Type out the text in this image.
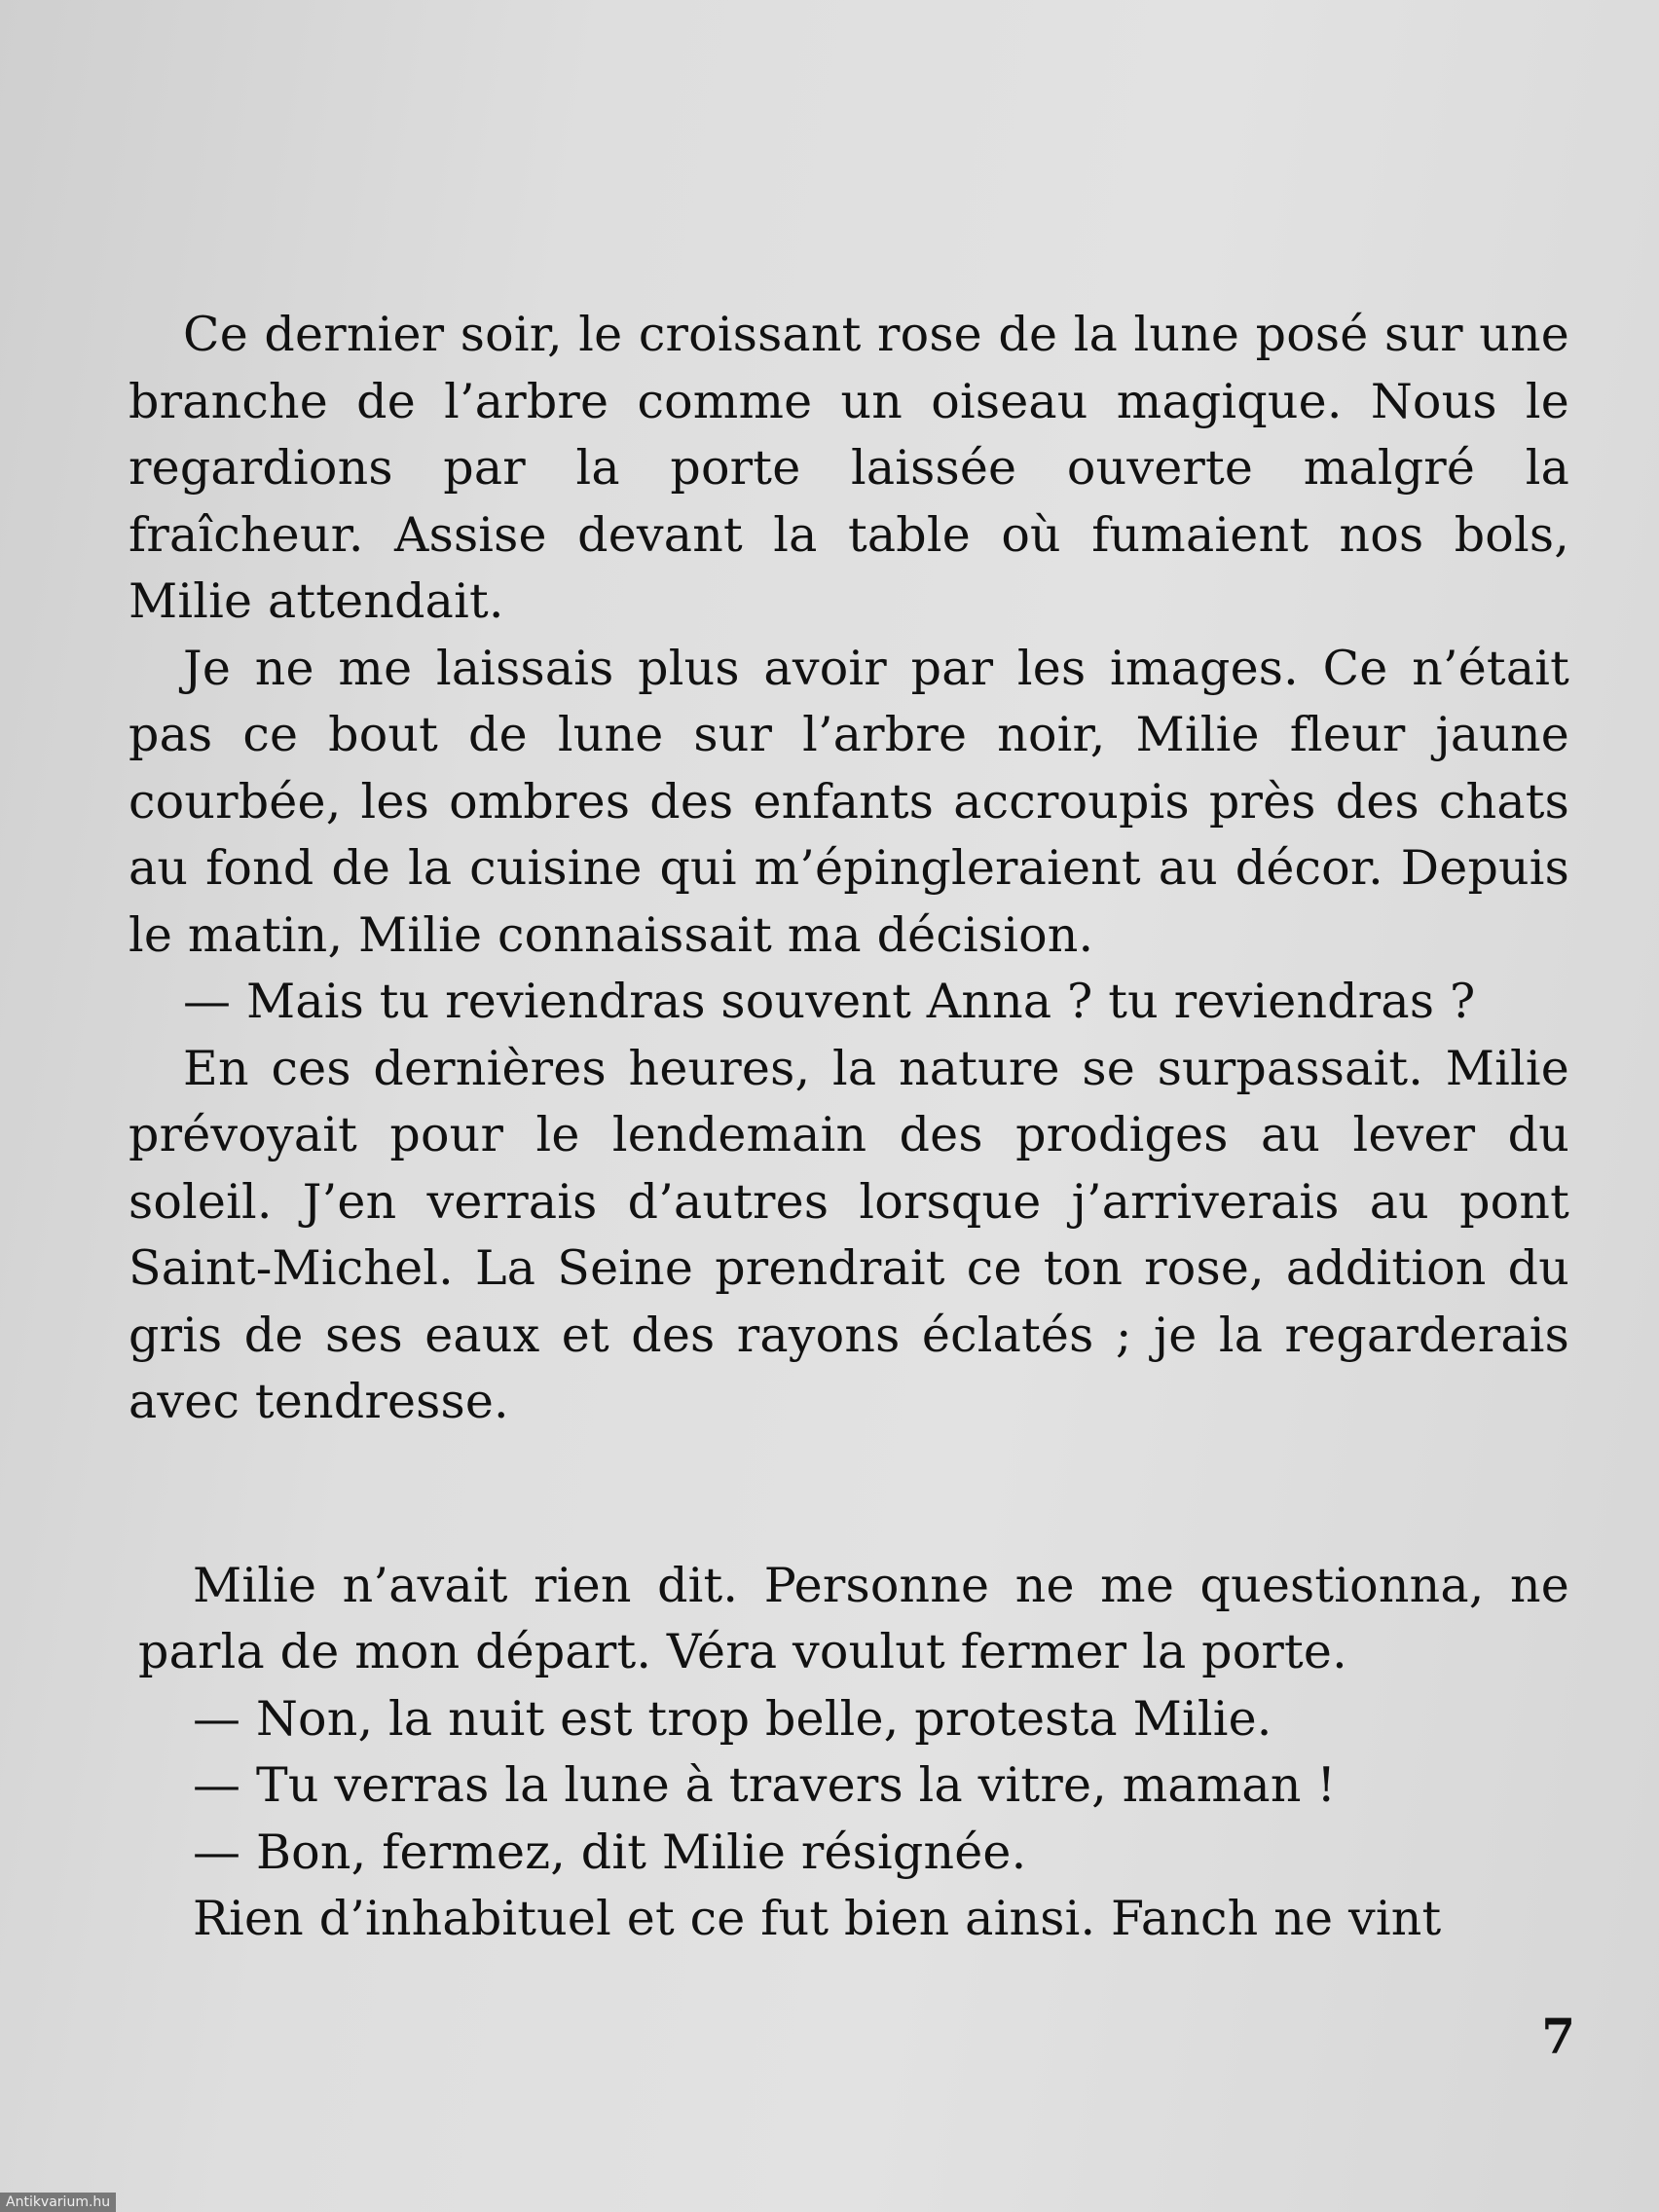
Ce dernier soir, le croissant rose de la lune posé sur une branche de l’arbre comme un oiseau magique. Nous le regardions par la porte laissée ouverte malgré la fraîcheur. Assise devant la table où fumaient nos bols, Milie attendait.

Je ne me laissais plus avoir par les images. Ce n’était pas ce bout de lune sur l’arbre noir, Milie fleur jaune courbée, les ombres des enfants accroupis près des chats au fond de la cuisine qui m’épingleraient au décor. Depuis le matin, Milie connaissait ma décision.

— Mais tu reviendras souvent Anna ? tu reviendras ?

En ces dernières heures, la nature se surpassait. Milie prévoyait pour le lendemain des prodiges au lever du soleil. J’en verrais d’autres lorsque j’arriverais au pont Saint-Michel. La Seine prendrait ce ton rose, addition du gris de ses eaux et des rayons éclatés ; je la regarderais avec tendresse.

Milie n’avait rien dit. Personne ne me questionna, ne parla de mon départ. Véra voulut fermer la porte.

— Non, la nuit est trop belle, protesta Milie.

— Tu verras la lune à travers la vitre, maman !

— Bon, fermez, dit Milie résignée.

Rien d’inhabituel et ce fut bien ainsi. Fanch ne vint

7
Antikvarium.hu
